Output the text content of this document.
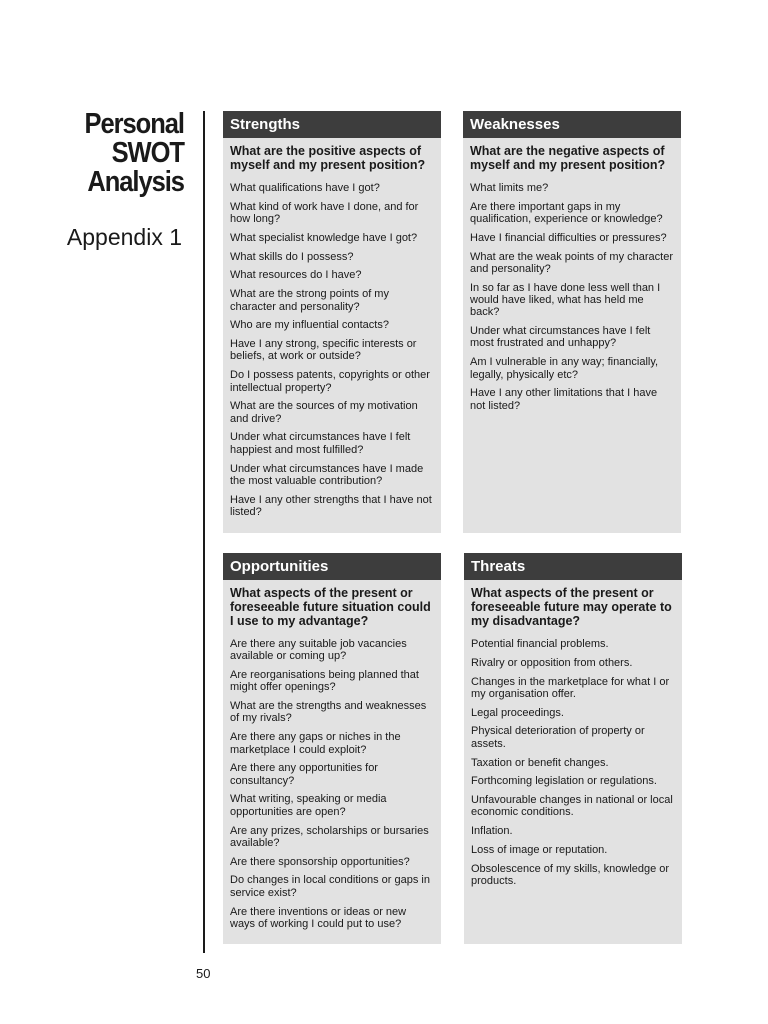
Personal
SWOT
Analysis
Appendix 1
50
Strengths
What are the positive aspects of myself and my present position?
What qualifications have I got?
What kind of work have I done, and for how long?
What specialist knowledge have I got?
What skills do I possess?
What resources do I have?
What are the strong points of my character and personality?
Who are my influential contacts?
Have I any strong, specific interests or beliefs, at work or outside?
Do I possess patents, copyrights or other intellectual property?
What are the sources of my motivation and drive?
Under what circumstances have I felt happiest and most fulfilled?
Under what circumstances have I made the most valuable contribution?
Have I any other strengths that I have not listed?
Weaknesses
What are the negative aspects of myself and my present position?
What limits me?
Are there important gaps in my qualification, experience or knowledge?
Have I financial difficulties or pressures?
What are the weak points of my character and personality?
In so far as I have done less well than I would have liked, what has held me back?
Under what circumstances have I felt most frustrated and unhappy?
Am I vulnerable in any way; financially, legally, physically etc?
Have I any other limitations that I have not listed?
Opportunities
What aspects of the present or foreseeable future situation could I use to my advantage?
Are there any suitable job vacancies available or coming up?
Are reorganisations being planned that might offer openings?
What are the strengths and weaknesses of my rivals?
Are there any gaps or niches in the marketplace I could exploit?
Are there any opportunities for consultancy?
What writing, speaking or media opportunities are open?
Are any prizes, scholarships or bursaries available?
Are there sponsorship opportunities?
Do changes in local conditions or gaps in service exist?
Are there inventions or ideas or new ways of working I could put to use?
Threats
What aspects of the present or foreseeable future may operate to my disadvantage?
Potential financial problems.
Rivalry or opposition from others.
Changes in the marketplace for what I or my organisation offer.
Legal proceedings.
Physical deterioration of property or assets.
Taxation or benefit changes.
Forthcoming legislation or regulations.
Unfavourable changes in national or local economic conditions.
Inflation.
Loss of image or reputation.
Obsolescence of my skills, knowledge or products.
